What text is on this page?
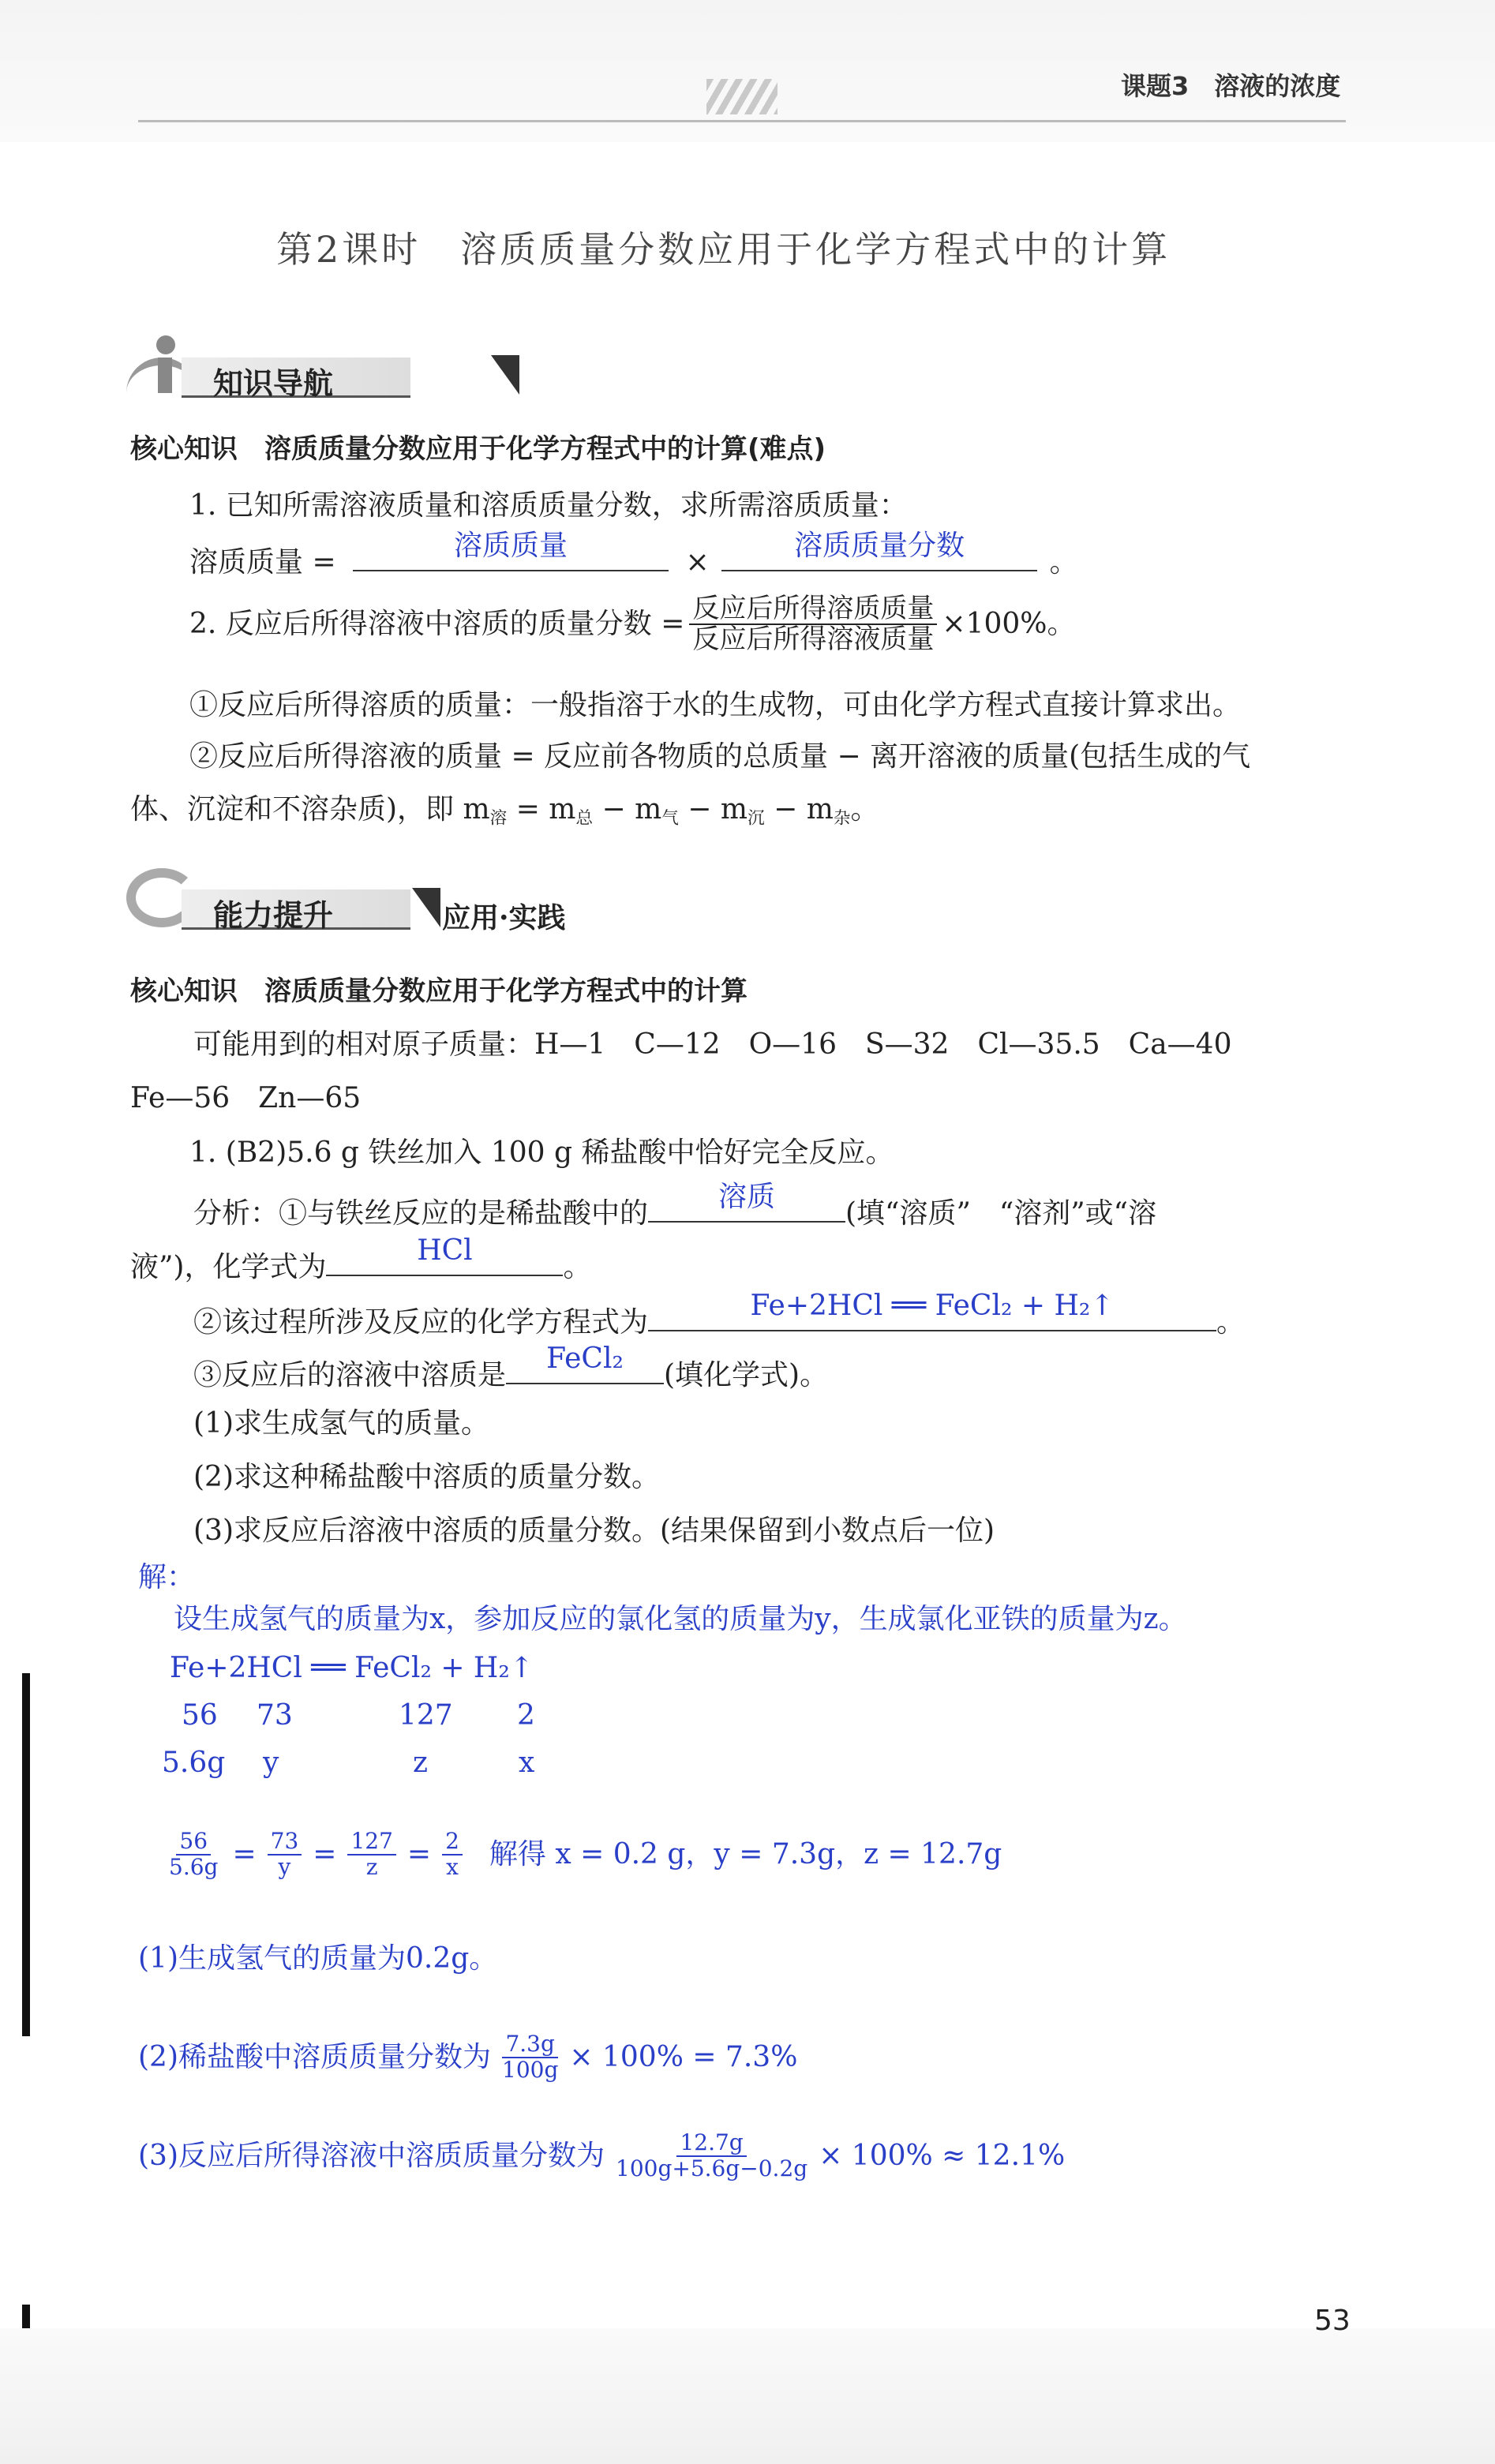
课题3　溶液的浓度
第2课时　溶质质量分数应用于化学方程式中的计算
知识导航
核心知识　溶质质量分数应用于化学方程式中的计算(难点)
1. 已知所需溶液质量和溶质质量分数，求所需溶质质量：
溶质质量 =
溶质质量
×
溶质质量分数
。
2. 反应后所得溶液中溶质的质量分数 = $\frac{\text{反应后所得溶质质量}}{\text{反应后所得溶液质量}} \times 100\%$。
①反应后所得溶质的质量：一般指溶于水的生成物，可由化学方程式直接计算求出。
②反应后所得溶液的质量 = 反应前各物质的总质量 − 离开溶液的质量(包括生成的气
体、沉淀和不溶杂质)，即 $m_溶 = m_总 - m_气 - m_沉 - m_杂$。
能力提升	应用·实践
核心知识　溶质质量分数应用于化学方程式中的计算
可能用到的相对原子质量：H—1　C—12　O—16　S—32　Cl—35.5　Ca—40
Fe—56　Zn—65
1. (B2)5.6 g 铁丝加入 100 g 稀盐酸中恰好完全反应。
分析：①与铁丝反应的是稀盐酸中的
溶质
(填“溶质”　“溶剂”或“溶
液”)，化学式为
HCl
。
②该过程所涉及反应的化学方程式为
Fe+2HCl ══ FeCl₂ + H₂↑
。
③反应后的溶液中溶质是
FeCl₂
(填化学式)。
(1)求生成氢气的质量。
(2)求这种稀盐酸中溶质的质量分数。
(3)求反应后溶液中溶质的质量分数。(结果保留到小数点后一位)
解：
设生成氢气的质量为x，参加反应的氯化氢的质量为y，生成氯化亚铁的质量为z。
Fe+2HCl ══ FeCl₂ + H₂↑
56 73	127 2
5.6g y	z	x
$\frac{56}{5.6g} = \frac{73}{y} = \frac{127}{z} = \frac{2}{x}$ 解得 x = 0.2 g，y = 7.3g，z = 12.7g
(1)生成氢气的质量为0.2g。
(2)稀盐酸中溶质质量分数为 $\frac{7.3g}{100g} \times 100\% = 7.3\%$
(3)反应后所得溶液中溶质质量分数为 $\frac{12.7g}{100g+5.6g-0.2g} \times 100\% \approx 12.1\%$
53
